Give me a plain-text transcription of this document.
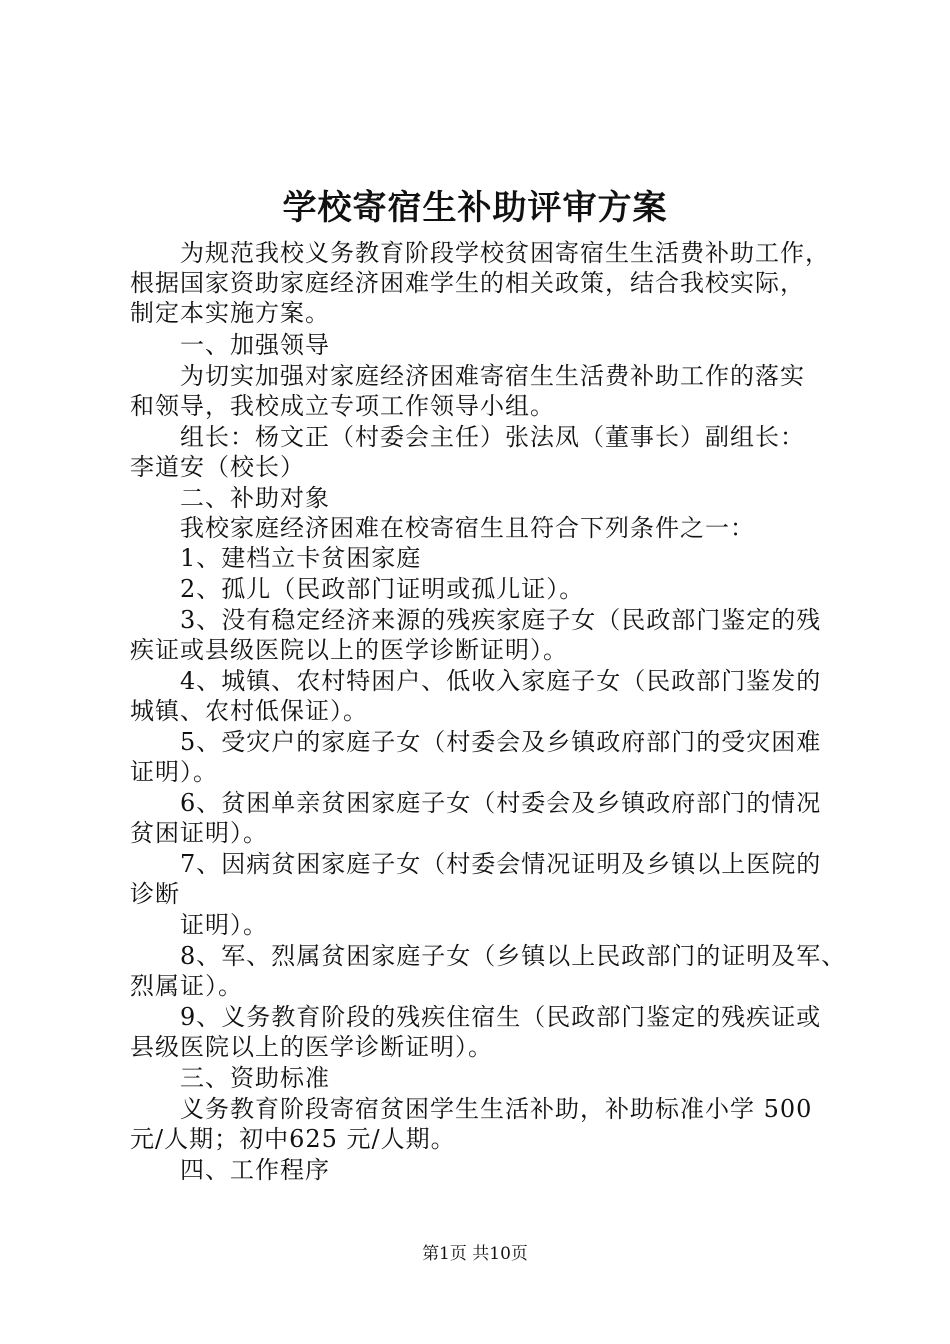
学校寄宿生补助评审方案
为规范我校义务教育阶段学校贫困寄宿生生活费补助工作，
根据国家资助家庭经济困难学生的相关政策，结合我校实际，
制定本实施方案。
一、加强领导
为切实加强对家庭经济困难寄宿生生活费补助工作的落实
和领导，我校成立专项工作领导小组。
组长：杨文正（村委会主任）张法凤（董事长）副组长：
李道安（校长）
二、补助对象
我校家庭经济困难在校寄宿生且符合下列条件之一：
1、建档立卡贫困家庭
2、孤儿（民政部门证明或孤儿证）。
3、没有稳定经济来源的残疾家庭子女（民政部门鉴定的残
疾证或县级医院以上的医学诊断证明）。
4、城镇、农村特困户、低收入家庭子女（民政部门鉴发的
城镇、农村低保证）。
5、受灾户的家庭子女（村委会及乡镇政府部门的受灾困难
证明）。
6、贫困单亲贫困家庭子女（村委会及乡镇政府部门的情况
贫困证明）。
7、因病贫困家庭子女（村委会情况证明及乡镇以上医院的
诊断
证明）。
8、军、烈属贫困家庭子女（乡镇以上民政部门的证明及军、
烈属证）。
9、义务教育阶段的残疾住宿生（民政部门鉴定的残疾证或
县级医院以上的医学诊断证明）。
三、资助标准
义务教育阶段寄宿贫困学生生活补助，补助标准小学 500
元/人期；初中625 元/人期。
四、工作程序
第1页 共10页
